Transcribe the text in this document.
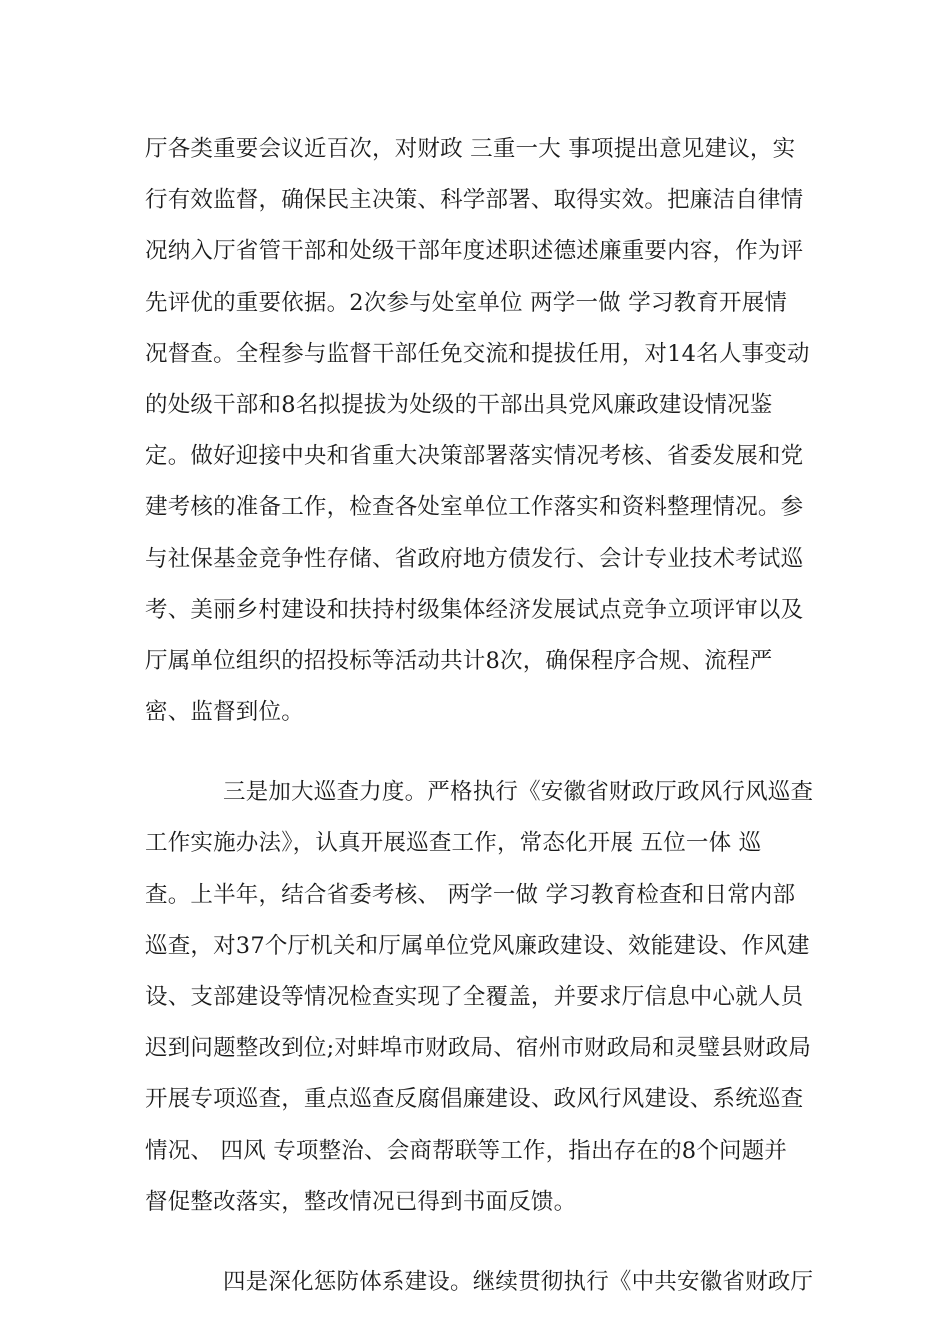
厅各类重要会议近百次，对财政 三重一大 事项提出意见建议，实
行有效监督，确保民主决策、科学部署、取得实效。把廉洁自律情
况纳入厅省管干部和处级干部年度述职述德述廉重要内容，作为评
先评优的重要依据。2次参与处室单位 两学一做 学习教育开展情
况督查。全程参与监督干部任免交流和提拔任用，对14名人事变动
的处级干部和8名拟提拔为处级的干部出具党风廉政建设情况鉴
定。做好迎接中央和省重大决策部署落实情况考核、省委发展和党
建考核的准备工作，检查各处室单位工作落实和资料整理情况。参
与社保基金竞争性存储、省政府地方债发行、会计专业技术考试巡
考、美丽乡村建设和扶持村级集体经济发展试点竞争立项评审以及
厅属单位组织的招投标等活动共计8次，确保程序合规、流程严
密、监督到位。
三是加大巡查力度。严格执行《安徽省财政厅政风行风巡查
工作实施办法》，认真开展巡查工作，常态化开展 五位一体 巡
查。上半年，结合省委考核、 两学一做 学习教育检查和日常内部
巡查，对37个厅机关和厅属单位党风廉政建设、效能建设、作风建
设、支部建设等情况检查实现了全覆盖，并要求厅信息中心就人员
迟到问题整改到位;对蚌埠市财政局、宿州市财政局和灵璧县财政局
开展专项巡查，重点巡查反腐倡廉建设、政风行风建设、系统巡查
情况、 四风 专项整治、会商帮联等工作，指出存在的8个问题并
督促整改落实，整改情况已得到书面反馈。
四是深化惩防体系建设。继续贯彻执行《中共安徽省财政厅
